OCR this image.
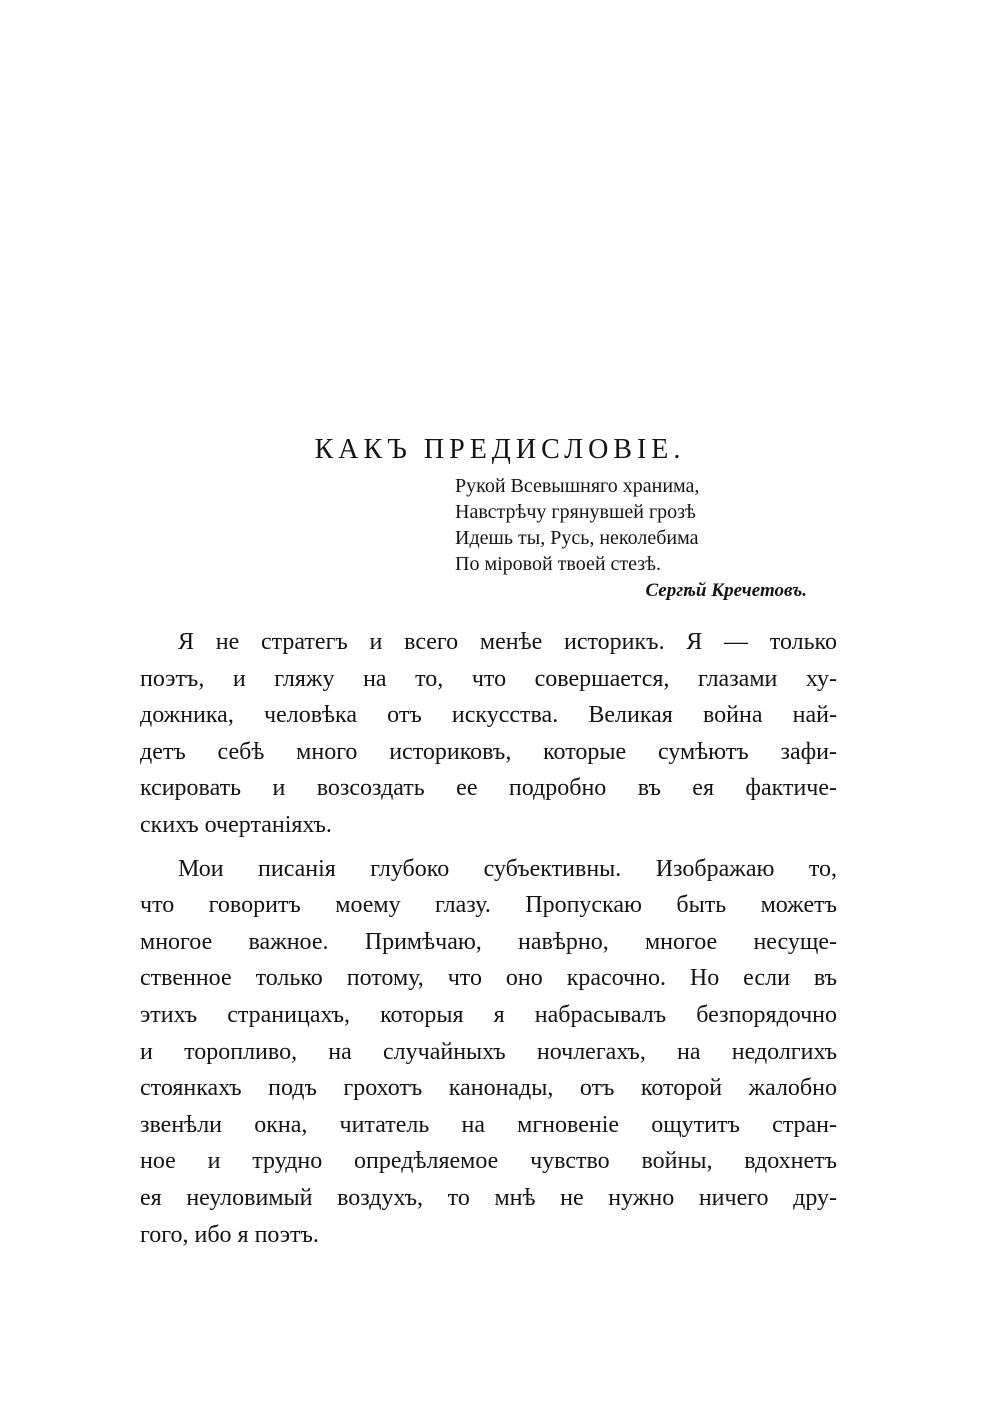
КАКЪ ПРЕДИСЛОВІЕ.
Рукой Всевышняго хранима,
Навстрѣчу грянувшей грозѣ
Идешь ты, Русь, неколебима
По міровой твоей стезѣ.
Сергѣй Кречетовъ.

Я не стратегъ и всего менѣе историкъ. Я — только
поэтъ, и гляжу на то, что совершается, глазами ху-
дожника, человѣка отъ искусства. Великая война най-
детъ себѣ много историковъ, которые сумѣютъ зафи-
ксировать и возсоздать ее подробно въ ея фактиче-
скихъ очертаніяхъ.

Мои писанія глубоко субъективны. Изображаю то,
что говоритъ моему глазу. Пропускаю быть можетъ
многое важное. Примѣчаю, навѣрно, многое несуще-
ственное только потому, что оно красочно. Но если въ
этихъ страницахъ, которыя я набрасывалъ безпорядочно
и торопливо, на случайныхъ ночлегахъ, на недолгихъ
стоянкахъ подъ грохотъ канонады, отъ которой жалобно
звенѣли окна, читатель на мгновеніе ощутитъ стран-
ное и трудно опредѣляемое чувство войны, вдохнетъ
ея неуловимый воздухъ, то мнѣ не нужно ничего дру-
гого, ибо я поэтъ.
